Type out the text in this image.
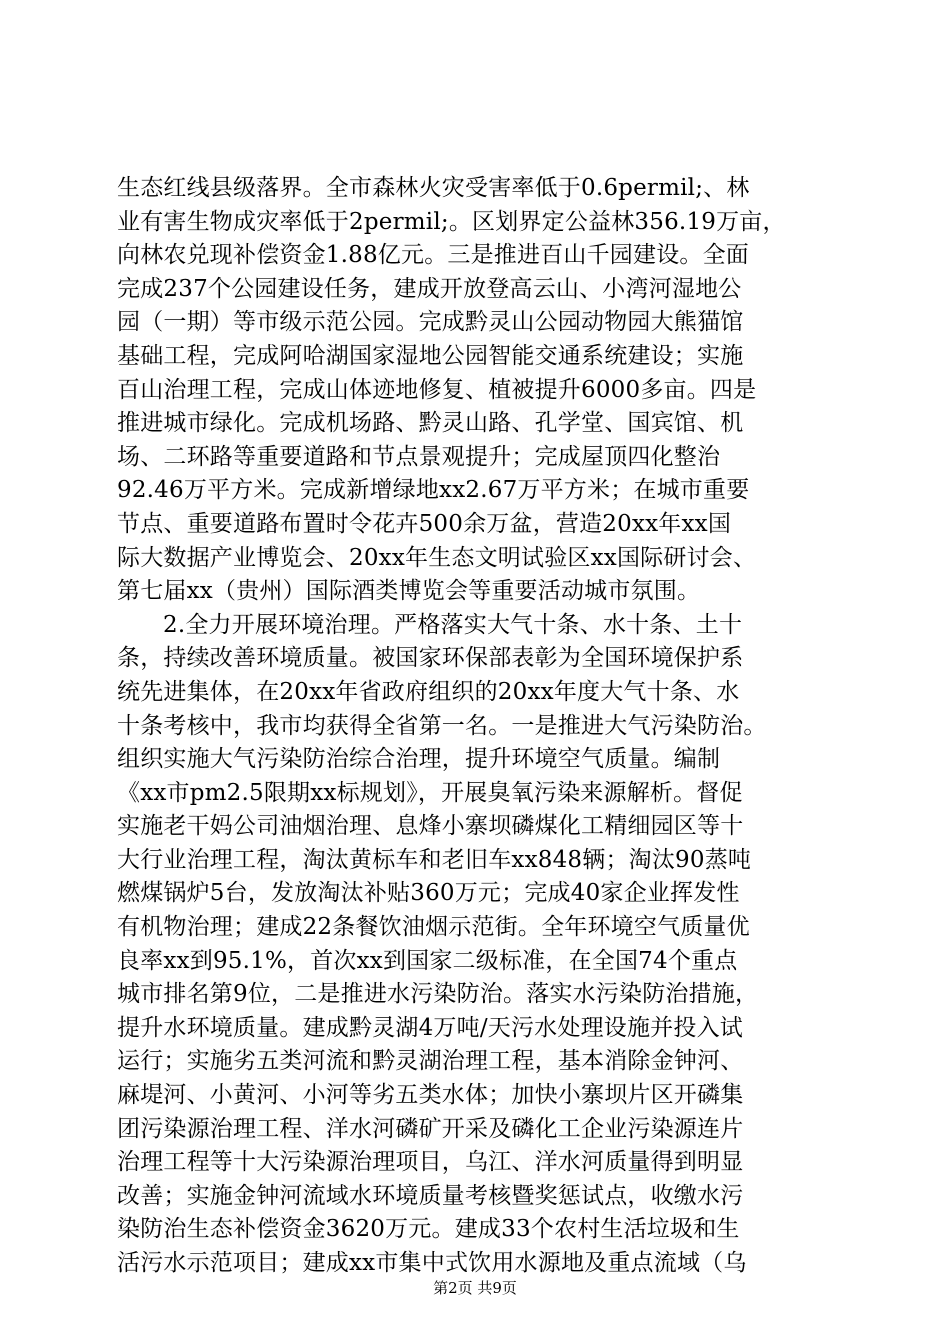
生态红线县级落界。全市森林火灾受害率低于0.6permil;、林
业有害生物成灾率低于2permil;。区划界定公益林356.19万亩，
向林农兑现补偿资金1.88亿元。三是推进百山千园建设。全面
完成237个公园建设任务，建成开放登高云山、小湾河湿地公
园（一期）等市级示范公园。完成黔灵山公园动物园大熊猫馆
基础工程，完成阿哈湖国家湿地公园智能交通系统建设；实施
百山治理工程，完成山体迹地修复、植被提升6000多亩。四是
推进城市绿化。完成机场路、黔灵山路、孔学堂、国宾馆、机
场、二环路等重要道路和节点景观提升；完成屋顶四化整治
92.46万平方米。完成新增绿地xx2.67万平方米；在城市重要
节点、重要道路布置时令花卉500余万盆，营造20xx年xx国
际大数据产业博览会、20xx年生态文明试验区xx国际研讨会、
第七届xx（贵州）国际酒类博览会等重要活动城市氛围。
2.全力开展环境治理。严格落实大气十条、水十条、土十
条，持续改善环境质量。被国家环保部表彰为全国环境保护系
统先进集体，在20xx年省政府组织的20xx年度大气十条、水
十条考核中，我市均获得全省第一名。一是推进大气污染防治。
组织实施大气污染防治综合治理，提升环境空气质量。编制
《xx市pm2.5限期xx标规划》，开展臭氧污染来源解析。督促
实施老干妈公司油烟治理、息烽小寨坝磷煤化工精细园区等十
大行业治理工程，淘汰黄标车和老旧车xx848辆；淘汰90蒸吨
燃煤锅炉5台，发放淘汰补贴360万元；完成40家企业挥发性
有机物治理；建成22条餐饮油烟示范街。全年环境空气质量优
良率xx到95.1%，首次xx到国家二级标准，在全国74个重点
城市排名第9位，二是推进水污染防治。落实水污染防治措施，
提升水环境质量。建成黔灵湖4万吨/天污水处理设施并投入试
运行；实施劣五类河流和黔灵湖治理工程，基本消除金钟河、
麻堤河、小黄河、小河等劣五类水体；加快小寨坝片区开磷集
团污染源治理工程、洋水河磷矿开采及磷化工企业污染源连片
治理工程等十大污染源治理项目，乌江、洋水河质量得到明显
改善；实施金钟河流域水环境质量考核暨奖惩试点，收缴水污
染防治生态补偿资金3620万元。建成33个农村生活垃圾和生
活污水示范项目；建成xx市集中式饮用水源地及重点流域（乌
第2页 共9页
